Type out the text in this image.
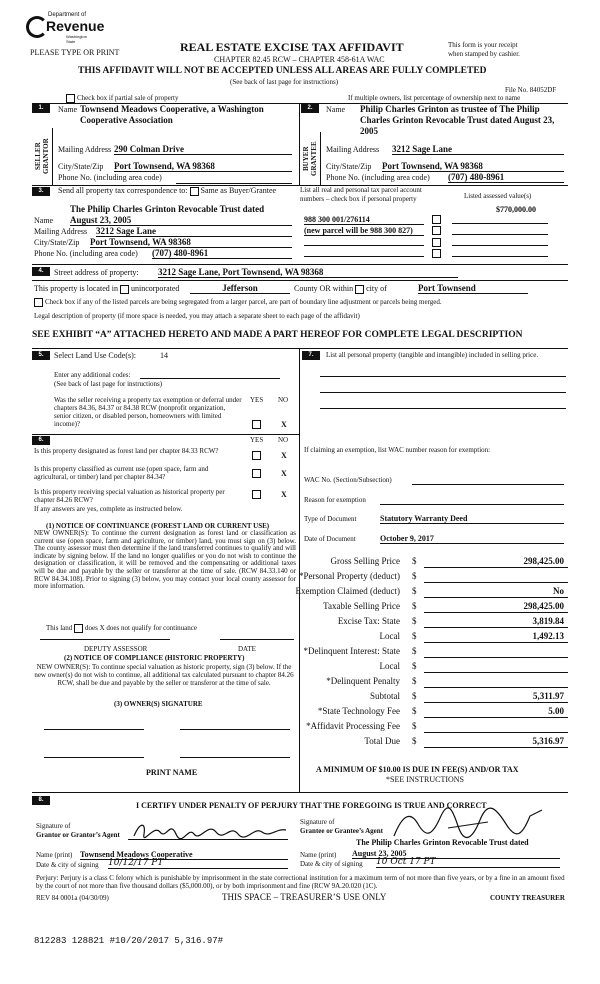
Department of
Revenue
Washington State
PLEASE TYPE OR PRINT	REAL ESTATE EXCISE TAX AFFIDAVIT
CHAPTER 82.45 RCW – CHAPTER 458-61A WAC
This form is your receipt
when stamped by cashier.
THIS AFFIDAVIT WILL NOT BE ACCEPTED UNLESS ALL AREAS ARE FULLY COMPLETED
(See back of last page for instructions)
File No. 84052DF
Check box if partial sale of property	If multiple owners, list percentage of ownership next to name
1.	Name Townsend Meadows Cooperative, a Washington Cooperative Association
SELLER GRANTOR Mailing Address 290 Colman Drive
City/State/Zip Port Townsend, WA 98368
Phone No. (including area code)
2.	Name Philip Charles Grinton as trustee of The Philip Charles Grinton Revocable Trust dated August 23, 2005
BUYER GRANTEE Mailing Address 3212 Sage Lane
City/State/Zip Port Townsend, WA 98368
Phone No. (including area code) (707) 480-8961
3.	Send all property tax correspondence to: Same as Buyer/Grantee	List all real and personal tax parcel account
numbers – check box if personal property	Listed assessed value(s)
$770,000.00
The Philip Charles Grinton Revocable Trust dated
Name August 23, 2005
Mailing Address 3212 Sage Lane
City/State/Zip Port Townsend, WA 98368
Phone No. (including area code) (707) 480-8961
988 300 001/276114
(new parcel will be 988 300 827)
4.	Street address of property: 3212 Sage Lane, Port Townsend, WA 98368
This property is located in unincorporated	Jefferson	County OR within city of	Port Townsend
Check box if any of the listed parcels are being segregated from a larger parcel, are part of boundary line adjustment or parcels being merged.
Legal description of property (if more space is needed, you may attach a separate sheet to each page of the affidavit)
SEE EXHIBIT “A” ATTACHED HERETO AND MADE A PART HEREOF FOR COMPLETE LEGAL DESCRIPTION
5.	Select Land Use Code(s):	14
Enter any additional codes:
(See back of last page for instructions)
Was the seller receiving a property tax exemption or deferral under chapters 84.36, 84.37 or 84.38 RCW (nonprofit organization, senior citizen, or disabled person, homeowners with limited income)?
YES NO
X
7.	List all personal property (tangible and intangible) included in selling price.
6.	YES NO
Is this property designated as forest land per chapter 84.33 RCW?	X
Is this property classified as current use (open space, farm and agricultural, or timber) land per chapter 84.34?	X
Is this property receiving special valuation as historical property per chapter 84.26 RCW?
X
If any answers are yes, complete as instructed below.
(1) NOTICE OF CONTINUANCE (FOREST LAND OR CURRENT USE)
NEW OWNER(S): To continue the current designation as forest land or classification as current use (open space, farm and agriculture, or timber) land, you must sign on (3) below. The county assessor must then determine if the land transferred continues to qualify and will indicate by signing below. If the land no longer qualifies or you do not wish to continue the designation or classification, it will be removed and the compensating or additional taxes will be due and payable by the seller or transferor at the time of sale. (RCW 84.33.140 or RCW 84.34.108). Prior to signing (3) below, you may contact your local county assessor for more information.
This land does X does not qualify for continuance
DEPUTY ASSESSOR	DATE
(2) NOTICE OF COMPLIANCE (HISTORIC PROPERTY)
NEW OWNER(S): To continue special valuation as historic property, sign (3) below. If the new owner(s) do not wish to continue, all additional tax calculated pursuant to chapter 84.26 RCW, shall be due and payable by the seller or transferor at the time of sale.
(3) OWNER(S) SIGNATURE
PRINT NAME
If claiming an exemption, list WAC number reason for exemption:
WAC No. (Section/Subsection)
Reason for exemption
Type of Document	Statutory Warranty Deed
Date of Document	October 9, 2017
Gross Selling Price $	298,425.00
*Personal Property (deduct) $
Exemption Claimed (deduct) $	No
Taxable Selling Price $	298,425.00
Excise Tax: State $	3,819.84
Local $	1,492.13
*Delinquent Interest: State $
Local $
*Delinquent Penalty $
Subtotal $	5,311.97
*State Technology Fee $	5.00
*Affidavit Processing Fee $
Total Due $	5,316.97
A MINIMUM OF $10.00 IS DUE IN FEE(S) AND/OR TAX
*SEE INSTRUCTIONS
8.
I CERTIFY UNDER PENALTY OF PERJURY THAT THE FOREGOING IS TRUE AND CORRECT
Signature of
Grantor or Grantor’s Agent
Signature of
Grantee or Grantee’s Agent
The Philip Charles Grinton Revocable Trust dated
Name (print) Townsend Meadows Cooperative
Date & city of signing 10/12/17 PT
Name (print) August 23, 2005
Date & city of signing 10 Oct 17 PT
Perjury: Perjury is a class C felony which is punishable by imprisonment in the state correctional institution for a maximum term of not more than five years, or by a fine in an amount fixed by the court of not more than five thousand dollars ($5,000.00), or by both imprisonment and fine (RCW 9A.20.020 (1C).
REV 84 0001a (04/30/09)	THIS SPACE – TREASURER’S USE ONLY	COUNTY TREASURER
812283 128821 #10/20/2017 5,316.97#
